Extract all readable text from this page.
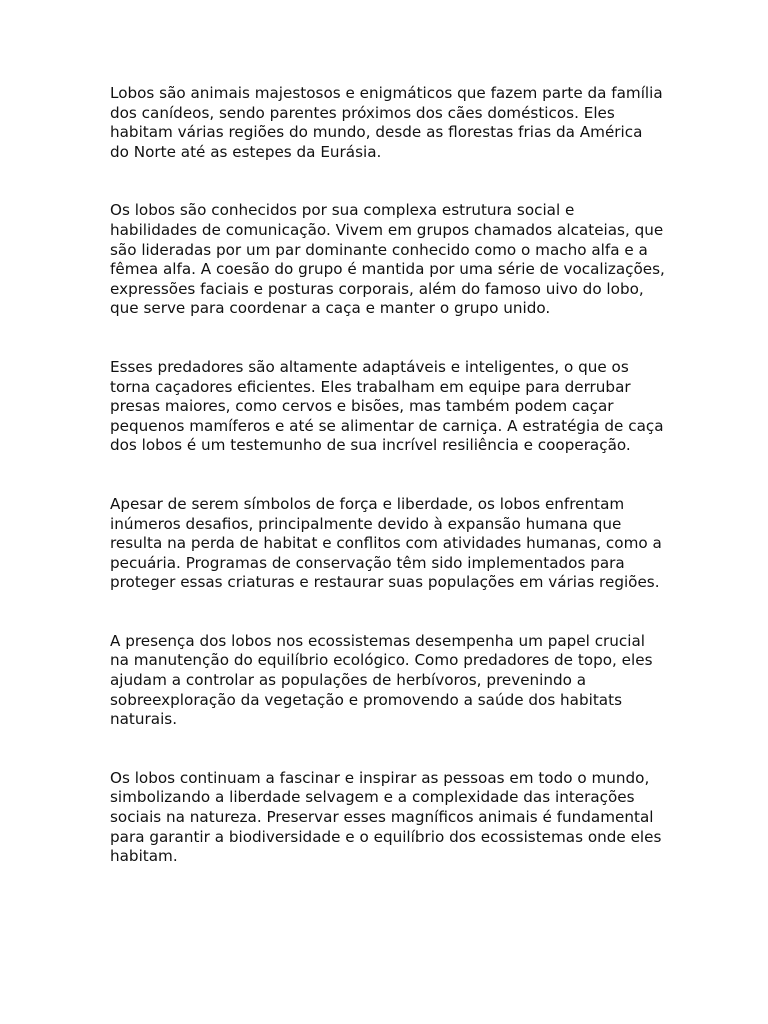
Lobos são animais majestosos e enigmáticos que fazem parte da família dos canídeos, sendo parentes próximos dos cães domésticos. Eles habitam várias regiões do mundo, desde as florestas frias da América do Norte até as estepes da Eurásia.

Os lobos são conhecidos por sua complexa estrutura social e habilidades de comunicação. Vivem em grupos chamados alcateias, que são lideradas por um par dominante conhecido como o macho alfa e a fêmea alfa. A coesão do grupo é mantida por uma série de vocalizações, expressões faciais e posturas corporais, além do famoso uivo do lobo, que serve para coordenar a caça e manter o grupo unido.

Esses predadores são altamente adaptáveis e inteligentes, o que os torna caçadores eficientes. Eles trabalham em equipe para derrubar presas maiores, como cervos e bisões, mas também podem caçar pequenos mamíferos e até se alimentar de carniça. A estratégia de caça dos lobos é um testemunho de sua incrível resiliência e cooperação.

Apesar de serem símbolos de força e liberdade, os lobos enfrentam inúmeros desafios, principalmente devido à expansão humana que resulta na perda de habitat e conflitos com atividades humanas, como a pecuária. Programas de conservação têm sido implementados para proteger essas criaturas e restaurar suas populações em várias regiões.

A presença dos lobos nos ecossistemas desempenha um papel crucial na manutenção do equilíbrio ecológico. Como predadores de topo, eles ajudam a controlar as populações de herbívoros, prevenindo a sobreexploração da vegetação e promovendo a saúde dos habitats naturais.

Os lobos continuam a fascinar e inspirar as pessoas em todo o mundo, simbolizando a liberdade selvagem e a complexidade das interações sociais na natureza. Preservar esses magníficos animais é fundamental para garantir a biodiversidade e o equilíbrio dos ecossistemas onde eles habitam.
